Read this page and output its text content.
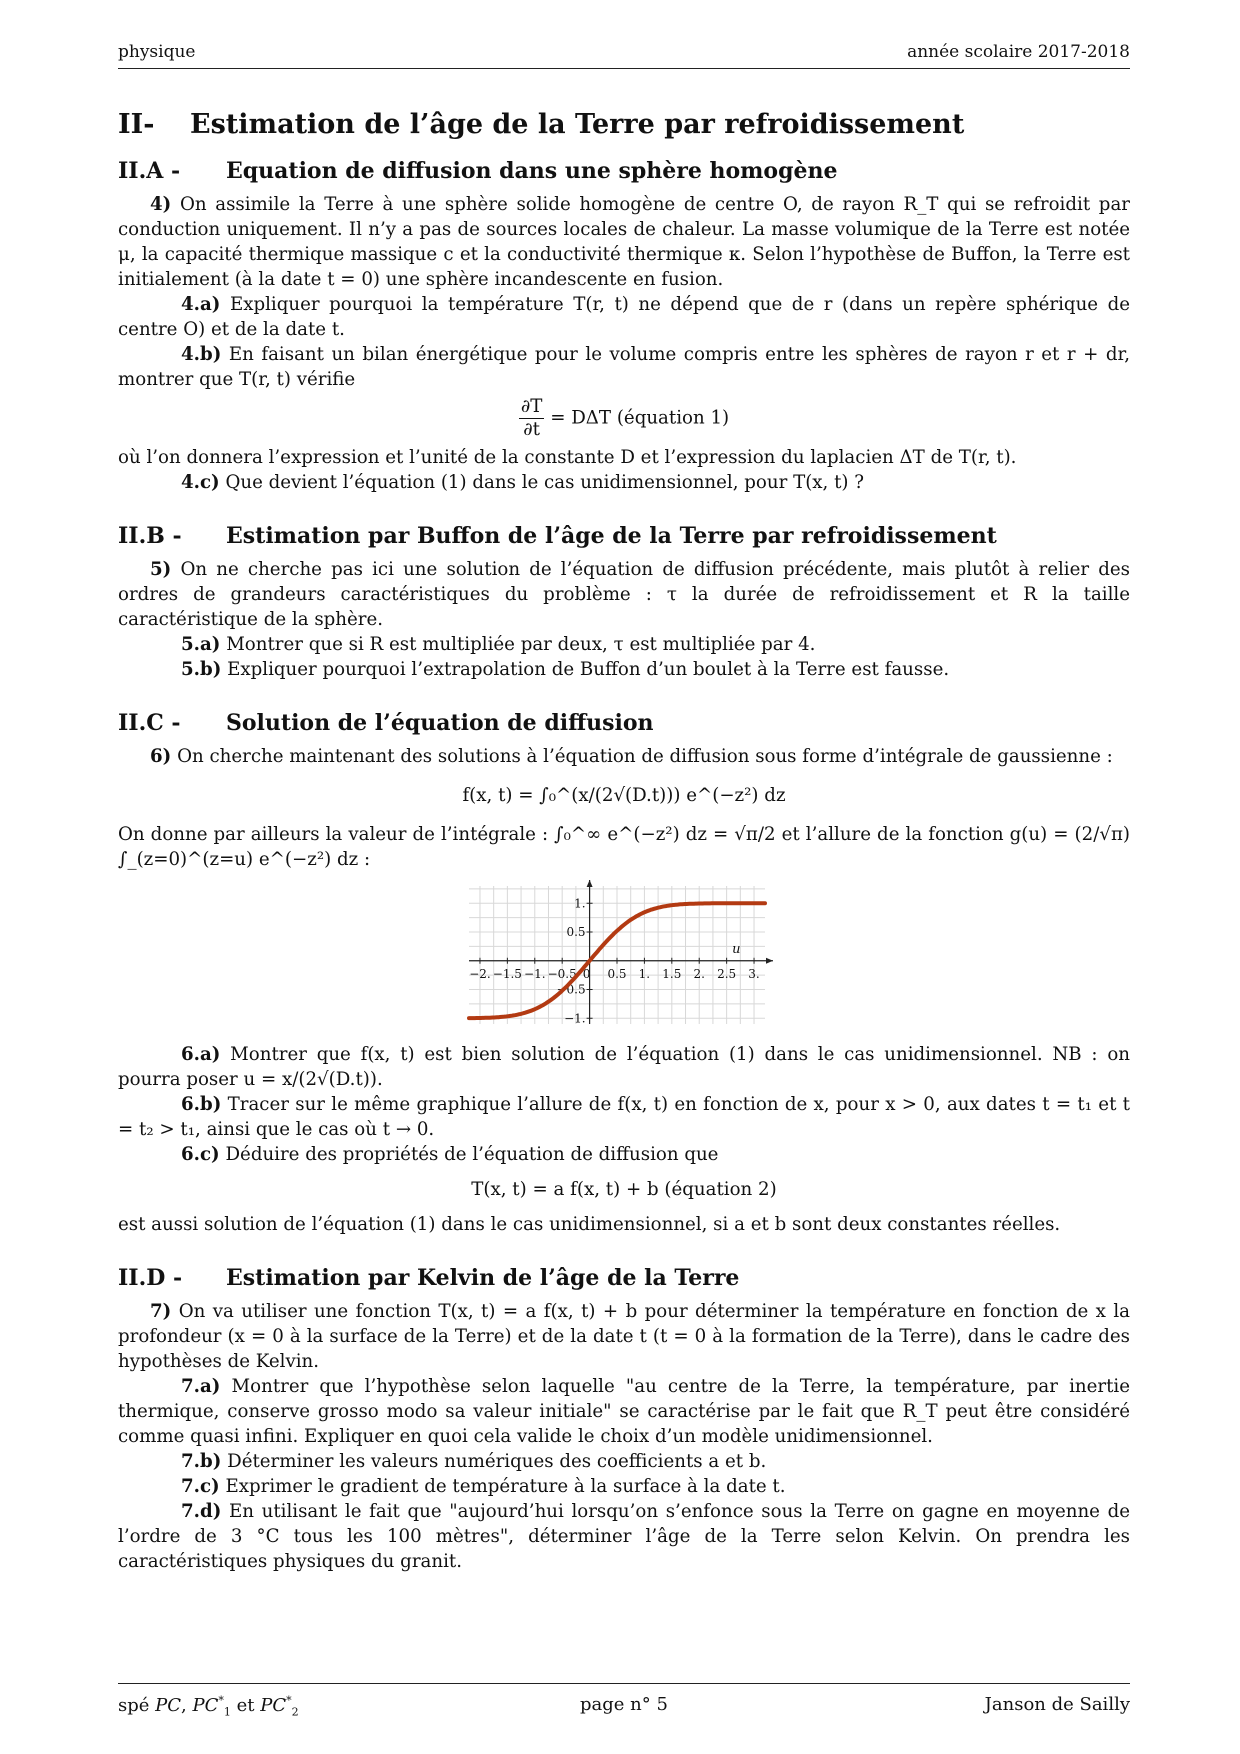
physique	année scolaire 2017-2018
II- Estimation de l’âge de la Terre par refroidissement
II.A - Equation de diffusion dans une sphère homogène

4) On assimile la Terre à une sphère solide homogène de centre O, de rayon R_T qui se refroidit par conduction uniquement. Il n’y a pas de sources locales de chaleur. La masse volumique de la Terre est notée μ, la capacité thermique massique c et la conductivité thermique κ. Selon l’hypothèse de Buffon, la Terre est initialement (à la date t = 0) une sphère incandescente en fusion.

4.a) Expliquer pourquoi la température T(r, t) ne dépend que de r (dans un repère sphérique de centre O) et de la date t.

4.b) En faisant un bilan énergétique pour le volume compris entre les sphères de rayon r et r + dr, montrer que T(r, t) vérifie

$\frac{\partial T}{\partial t} = D\Delta T$ (équation 1)

où l’on donnera l’expression et l’unité de la constante D et l’expression du laplacien ΔT de T(r, t).

4.c) Que devient l’équation (1) dans le cas unidimensionnel, pour T(x, t) ?

II.B - Estimation par Buffon de l’âge de la Terre par refroidissement

5) On ne cherche pas ici une solution de l’équation de diffusion précédente, mais plutôt à relier des ordres de grandeurs caractéristiques du problème : τ la durée de refroidissement et R la taille caractéristique de la sphère.

5.a) Montrer que si R est multipliée par deux, τ est multipliée par 4.

5.b) Expliquer pourquoi l’extrapolation de Buffon d’un boulet à la Terre est fausse.

II.C - Solution de l’équation de diffusion

6) On cherche maintenant des solutions à l’équation de diffusion sous forme d’intégrale de gaussienne :

f(x, t) = ∫₀^(x/(2√(D.t))) e^(−z²) dz

On donne par ailleurs la valeur de l’intégrale : ∫₀^∞ e^(−z²) dz = √π/2 et l’allure de la fonction g(u) = (2/√π) ∫_(z=0)^(z=u) e^(−z²) dz :

−2. −1.5 −1. −0.5 0 0.5 1. 1.5 2. 2.5 3.
1.
0.5
−0.5
−1.
u

6.a) Montrer que f(x, t) est bien solution de l’équation (1) dans le cas unidimensionnel. NB : on pourra poser u = x/(2√(D.t)).

6.b) Tracer sur le même graphique l’allure de f(x, t) en fonction de x, pour x > 0, aux dates t = t₁ et t = t₂ > t₁, ainsi que le cas où t → 0.

6.c) Déduire des propriétés de l’équation de diffusion que

T(x, t) = a f(x, t) + b (équation 2)

est aussi solution de l’équation (1) dans le cas unidimensionnel, si a et b sont deux constantes réelles.

II.D - Estimation par Kelvin de l’âge de la Terre

7) On va utiliser une fonction T(x, t) = a f(x, t) + b pour déterminer la température en fonction de x la profondeur (x = 0 à la surface de la Terre) et de la date t (t = 0 à la formation de la Terre), dans le cadre des hypothèses de Kelvin.

7.a) Montrer que l’hypothèse selon laquelle "au centre de la Terre, la température, par inertie thermique, conserve grosso modo sa valeur initiale" se caractérise par le fait que R_T peut être considéré comme quasi infini. Expliquer en quoi cela valide le choix d’un modèle unidimensionnel.

7.b) Déterminer les valeurs numériques des coefficients a et b.

7.c) Exprimer le gradient de température à la surface à la date t.

7.d) En utilisant le fait que "aujourd’hui lorsqu’on s’enfonce sous la Terre on gagne en moyenne de l’ordre de 3 °C tous les 100 mètres", déterminer l’âge de la Terre selon Kelvin. On prendra les caractéristiques physiques du granit.

spé PC, $PC^*_1$ et $PC^*_2$	page n° 5	Janson de Sailly
